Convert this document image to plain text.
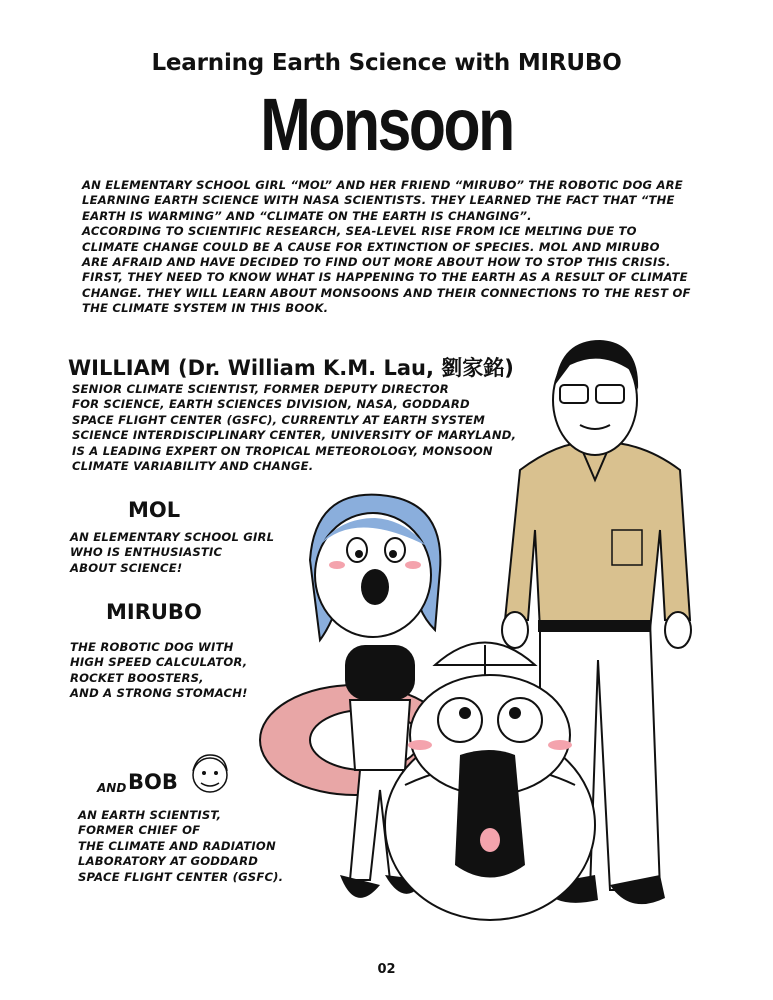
Learning Earth Science with MIRUBO
Monsoon

AN ELEMENTARY SCHOOL GIRL “MOL” AND HER FRIEND “MIRUBO” THE ROBOTIC DOG ARE

LEARNING EARTH SCIENCE WITH NASA SCIENTISTS. THEY LEARNED THE FACT THAT “THE

EARTH IS WARMING” AND “CLIMATE ON THE EARTH IS CHANGING”.

ACCORDING TO SCIENTIFIC RESEARCH, SEA-LEVEL RISE FROM ICE MELTING DUE TO

CLIMATE CHANGE COULD BE A CAUSE FOR EXTINCTION OF SPECIES. MOL AND MIRUBO

ARE AFRAID AND HAVE DECIDED TO FIND OUT MORE ABOUT HOW TO STOP THIS CRISIS.

FIRST, THEY NEED TO KNOW WHAT IS HAPPENING TO THE EARTH AS A RESULT OF CLIMATE

CHANGE. THEY WILL LEARN ABOUT MONSOONS AND THEIR CONNECTIONS TO THE REST OF

THE CLIMATE SYSTEM IN THIS BOOK.

WILLIAM (Dr. William K.M. Lau, 劉家銘)

SENIOR CLIMATE SCIENTIST, FORMER DEPUTY DIRECTOR

FOR SCIENCE, EARTH SCIENCES DIVISION, NASA, GODDARD

SPACE FLIGHT CENTER (GSFC), CURRENTLY AT EARTH SYSTEM

SCIENCE INTERDISCIPLINARY CENTER, UNIVERSITY OF MARYLAND,

IS A LEADING EXPERT ON TROPICAL METEOROLOGY, MONSOON

CLIMATE VARIABILITY AND CHANGE.

MOL

AN ELEMENTARY SCHOOL GIRL

WHO IS ENTHUSIASTIC

ABOUT SCIENCE!

MIRUBO

THE ROBOTIC DOG WITH

HIGH SPEED CALCULATOR,

ROCKET BOOSTERS,

AND A STRONG STOMACH!

AND BOB

AN EARTH SCIENTIST,

FORMER CHIEF OF

THE CLIMATE AND RADIATION

LABORATORY AT GODDARD

SPACE FLIGHT CENTER (GSFC).

02
